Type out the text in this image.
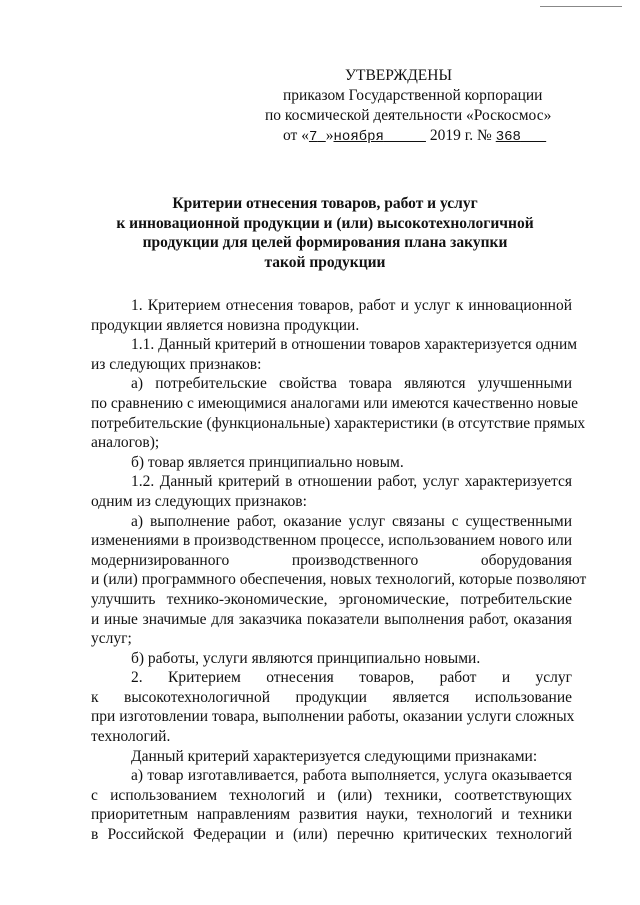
УТВЕРЖДЕНЫ
приказом Государственной корпорации
по космической деятельности «Роскосмос»
от «7 »ноября	2019 г. № 368
Критерии отнесения товаров, работ и услуг
к инновационной продукции и (или) высокотехнологичной
продукции для целей формирования плана закупки
такой продукции
1. Критерием отнесения товаров, работ и услуг к инновационной
продукции является новизна продукции.
1.1. Данный критерий в отношении товаров характеризуется одним
из следующих признаков:
а) потребительские свойства товара являются улучшенными
по сравнению с имеющимися аналогами или имеются качественно новые
потребительские (функциональные) характеристики (в отсутствие прямых
аналогов);
б) товар является принципиально новым.
1.2. Данный критерий в отношении работ, услуг характеризуется
одним из следующих признаков:
а) выполнение работ, оказание услуг связаны с существенными
изменениями в производственном процессе, использованием нового или
модернизированного	производственного	оборудования
и (или) программного обеспечения, новых технологий, которые позволяют
улучшить технико-экономические, эргономические, потребительские
и иные значимые для заказчика показатели выполнения работ, оказания
услуг;
б) работы, услуги являются принципиально новыми.
2. Критерием отнесения товаров, работ и услуг
к высокотехнологичной продукции является использование
при изготовлении товара, выполнении работы, оказании услуги сложных
технологий.
Данный критерий характеризуется следующими признаками:
а) товар изготавливается, работа выполняется, услуга оказывается
с использованием технологий и (или) техники, соответствующих
приоритетным направлениям развития науки, технологий и техники
в Российской Федерации и (или) перечню критических технологий
